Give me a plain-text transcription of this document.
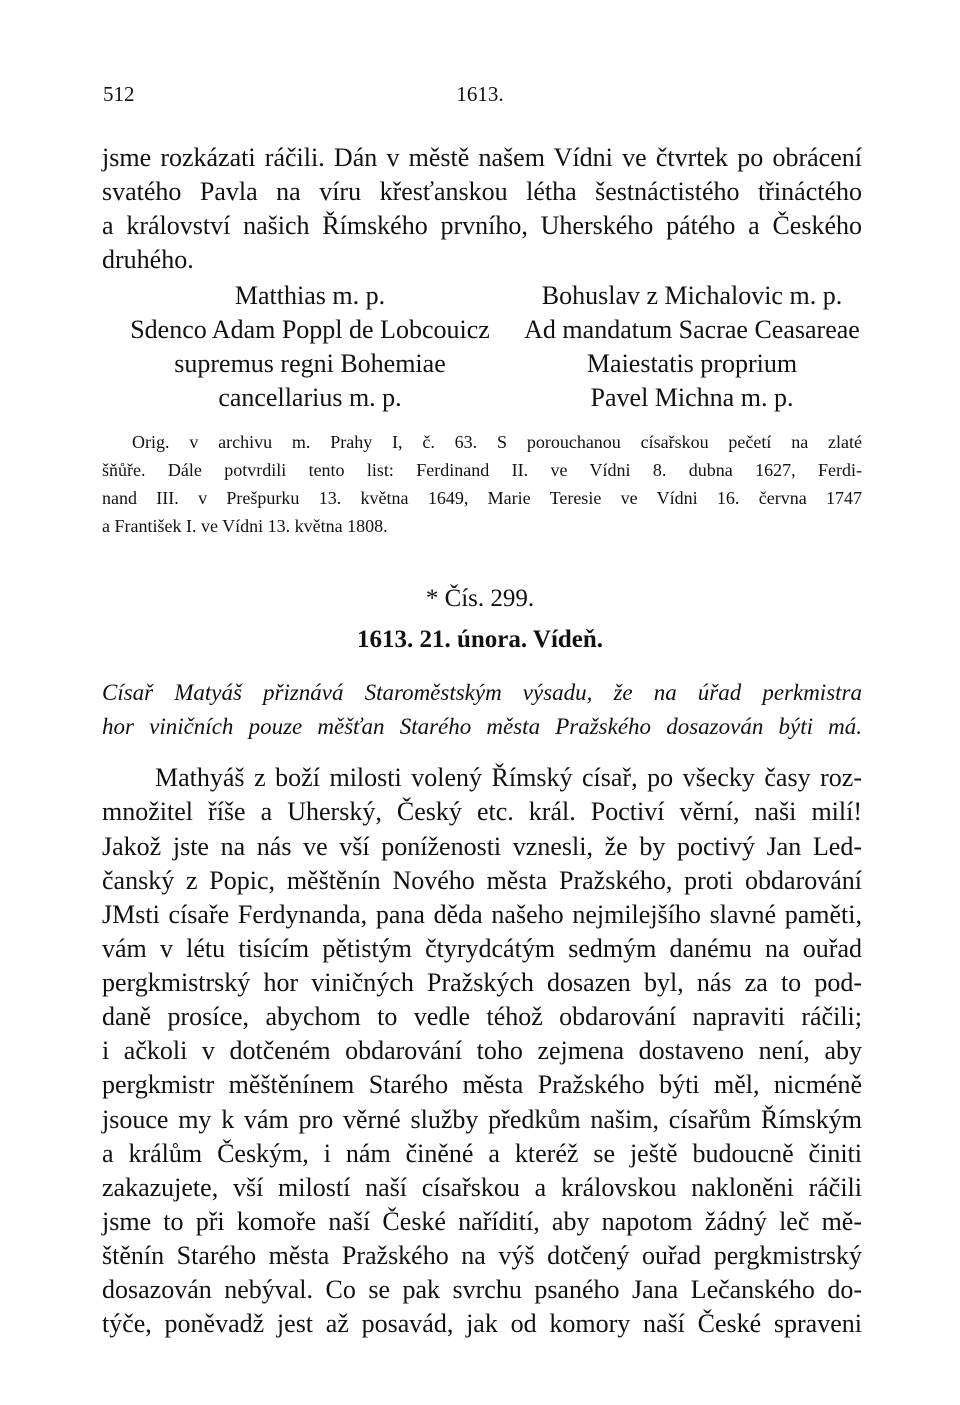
512	1613.
jsme rozkázati ráčili. Dán v městě našem Vídni ve čtvrtek po obrácení
svatého Pavla na víru křesťanskou létha šestnáctistého třináctého
a království našich Římského prvního, Uherského pátého a Českého
druhého.
Matthias m. p.
Sdenco Adam Poppl de Lobcouicz
supremus regni Bohemiae
cancellarius m. p.
Bohuslav z Michalovic m. p.
Ad mandatum Sacrae Ceasareae
Maiestatis proprium
Pavel Michna m. p.
Orig. v archivu m. Prahy I, č. 63. S porouchanou císařskou pečetí na zlaté
šňůře. Dále potvrdili tento list: Ferdinand II. ve Vídni 8. dubna 1627, Ferdi-
nand III. v Prešpurku 13. května 1649, Marie Teresie ve Vídni 16. června 1747
a František I. ve Vídni 13. května 1808.
* Čís. 299.
1613. 21. února. Vídeň.
Císař Matyáš přiznává Staroměstským výsadu, že na úřad perkmistra
hor viničních pouze měšťan Starého města Pražského dosazován býti má.
Mathyáš z boží milosti volený Římský císař, po všecky časy roz-
množitel říše a Uherský, Český etc. král. Poctiví věrní, naši milí!
Jakož jste na nás ve vší poníženosti vznesli, že by poctivý Jan Led-
čanský z Popic, měštěnín Nového města Pražského, proti obdarování
JMsti císaře Ferdynanda, pana děda našeho nejmilejšího slavné paměti,
vám v létu tisícím pětistým čtyrydcátým sedmým danému na ouřad
pergkmistrský hor viničných Pražských dosazen byl, nás za to pod-
daně prosíce, abychom to vedle téhož obdarování napraviti ráčili;
i ačkoli v dotčeném obdarování toho zejmena dostaveno není, aby
pergkmistr měštěnínem Starého města Pražského býti měl, nicméně
jsouce my k vám pro věrné služby předkům našim, císařům Římským
a králům Českým, i nám činěné a kteréž se ještě budoucně činiti
zakazujete, vší milostí naší císařskou a královskou nakloněni ráčili
jsme to při komoře naší České nařídití, aby napotom žádný leč mě-
štěnín Starého města Pražského na výš dotčený ouřad pergkmistrský
dosazován nebýval. Co se pak svrchu psaného Jana Lečanského do-
týče, poněvadž jest až posavád, jak od komory naší České spraveni
